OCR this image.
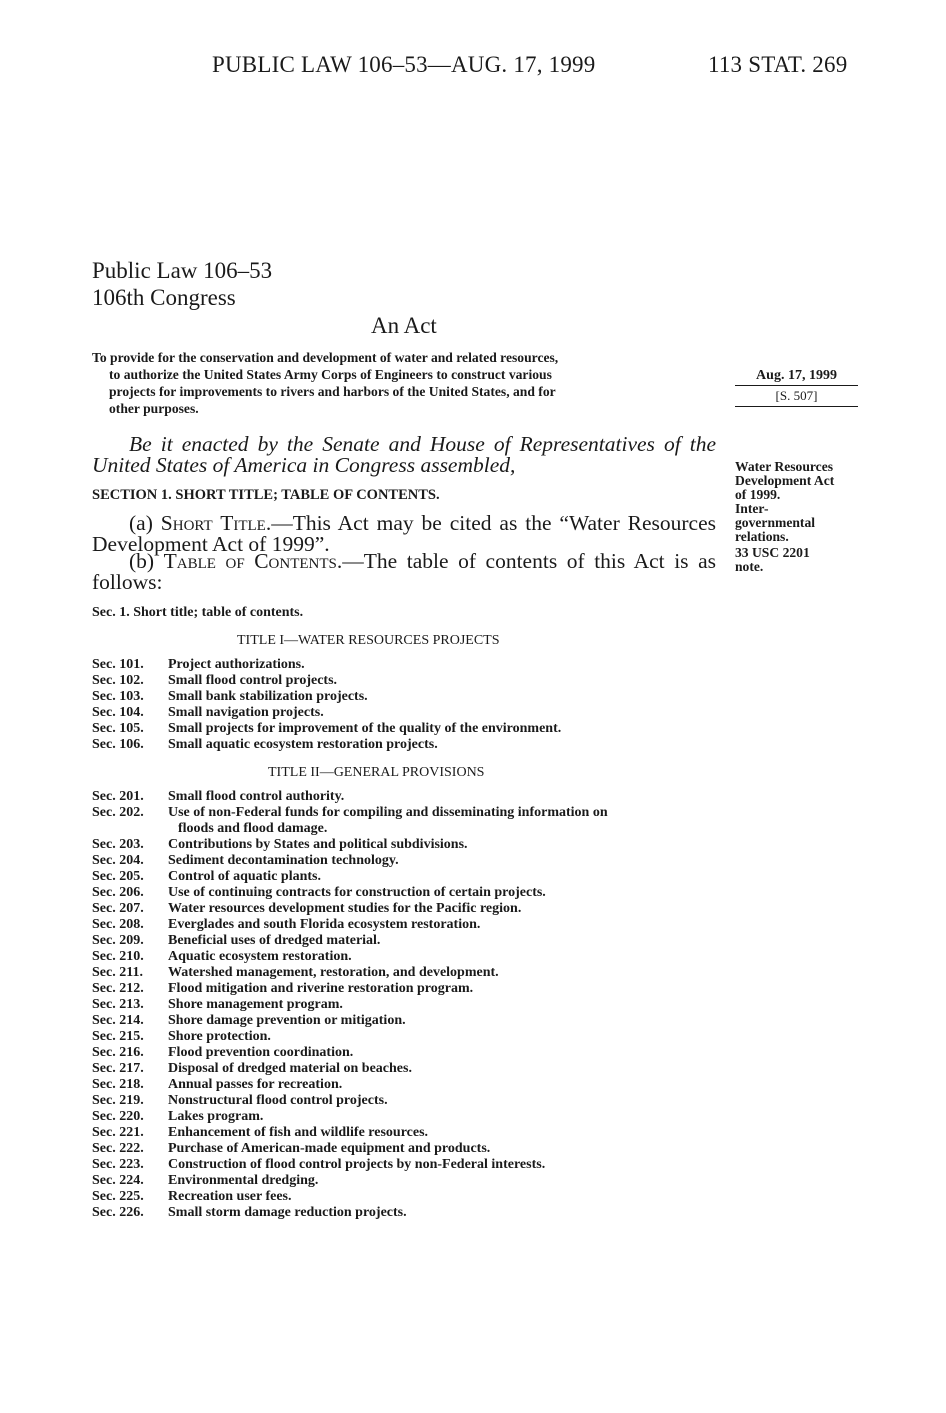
PUBLIC LAW 106–53—AUG. 17, 1999	113 STAT. 269
Public Law 106–53
106th Congress
An Act
To provide for the conservation and development of water and related resources,
to authorize the United States Army Corps of Engineers to construct various
projects for improvements to rivers and harbors of the United States, and for
other purposes.
Aug. 17, 1999
[S. 507]
Be it enacted by the Senate and House of Representatives of the United States of America in Congress assembled,
SECTION 1. SHORT TITLE; TABLE OF CONTENTS.
(a) Short Title.—This Act may be cited as the “Water Resources Development Act of 1999”.
(b) Table of Contents.—The table of contents of this Act is as follows:
Water Resources
Development Act
of 1999.
Inter-
governmental
relations.
33 USC 2201
note.
Sec. 1. Short title; table of contents.
TITLE I—WATER RESOURCES PROJECTS
Sec. 101.	Project authorizations.
Sec. 102.	Small flood control projects.
Sec. 103.	Small bank stabilization projects.
Sec. 104.	Small navigation projects.
Sec. 105.	Small projects for improvement of the quality of the environment.
Sec. 106.	Small aquatic ecosystem restoration projects.
TITLE II—GENERAL PROVISIONS
Sec. 201.	Small flood control authority.
Sec. 202.	Use of non-Federal funds for compiling and disseminating information on
floods and flood damage.
Sec. 203.	Contributions by States and political subdivisions.
Sec. 204.	Sediment decontamination technology.
Sec. 205.	Control of aquatic plants.
Sec. 206.	Use of continuing contracts for construction of certain projects.
Sec. 207.	Water resources development studies for the Pacific region.
Sec. 208.	Everglades and south Florida ecosystem restoration.
Sec. 209.	Beneficial uses of dredged material.
Sec. 210.	Aquatic ecosystem restoration.
Sec. 211.	Watershed management, restoration, and development.
Sec. 212.	Flood mitigation and riverine restoration program.
Sec. 213.	Shore management program.
Sec. 214.	Shore damage prevention or mitigation.
Sec. 215.	Shore protection.
Sec. 216.	Flood prevention coordination.
Sec. 217.	Disposal of dredged material on beaches.
Sec. 218.	Annual passes for recreation.
Sec. 219.	Nonstructural flood control projects.
Sec. 220.	Lakes program.
Sec. 221.	Enhancement of fish and wildlife resources.
Sec. 222.	Purchase of American-made equipment and products.
Sec. 223.	Construction of flood control projects by non-Federal interests.
Sec. 224.	Environmental dredging.
Sec. 225.	Recreation user fees.
Sec. 226.	Small storm damage reduction projects.
